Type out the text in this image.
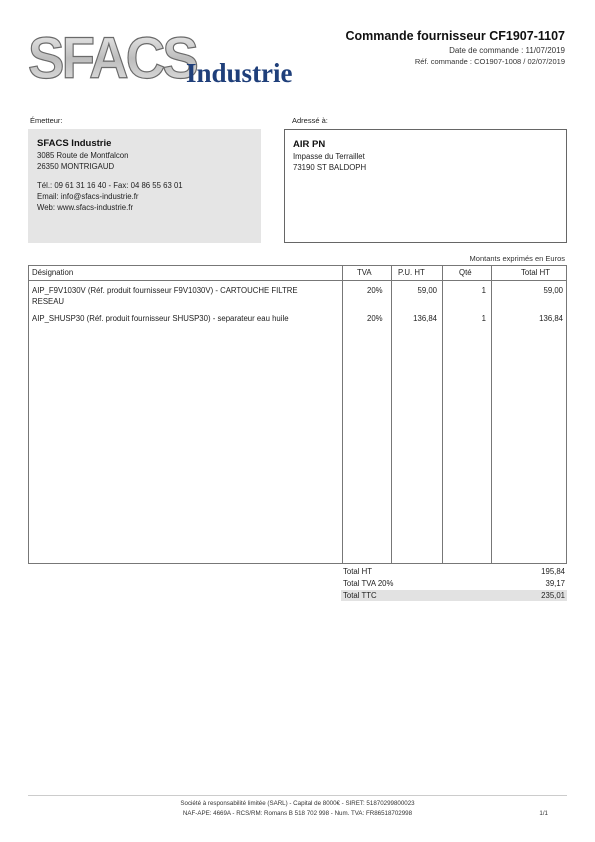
SFACS
Industrie
Commande fournisseur CF1907-1107
Date de commande : 11/07/2019
Réf. commande : CO1907-1008 / 02/07/2019
Émetteur:
SFACS Industrie
3085 Route de Montfalcon
26350 MONTRIGAUD
Tél.: 09 61 31 16 40 - Fax: 04 86 55 63 01
Email: info@sfacs-industrie.fr
Web: www.sfacs-industrie.fr
Adressé à:
AIR PN
Impasse du Terraillet
73190 ST BALDOPH
Montants exprimés en Euros
Désignation	TVA	P.U. HT	Qté	Total HT
AIP_F9V1030V (Réf. produit fournisseur F9V1030V) - CARTOUCHE FILTRE
RESEAU
20%	59,00	1	59,00
AIP_SHUSP30 (Réf. produit fournisseur SHUSP30) - separateur eau huile	20%	136,84	1	136,84
Total HT	195,84
Total TVA 20%	39,17
Total TTC	235,01
Société à responsabilité limitée (SARL) - Capital de 8000€ - SIRET: 51870299800023
NAF-APE: 4669A - RCS/RM: Romans B 518 702 998 - Num. TVA: FR86518702998	1/1
